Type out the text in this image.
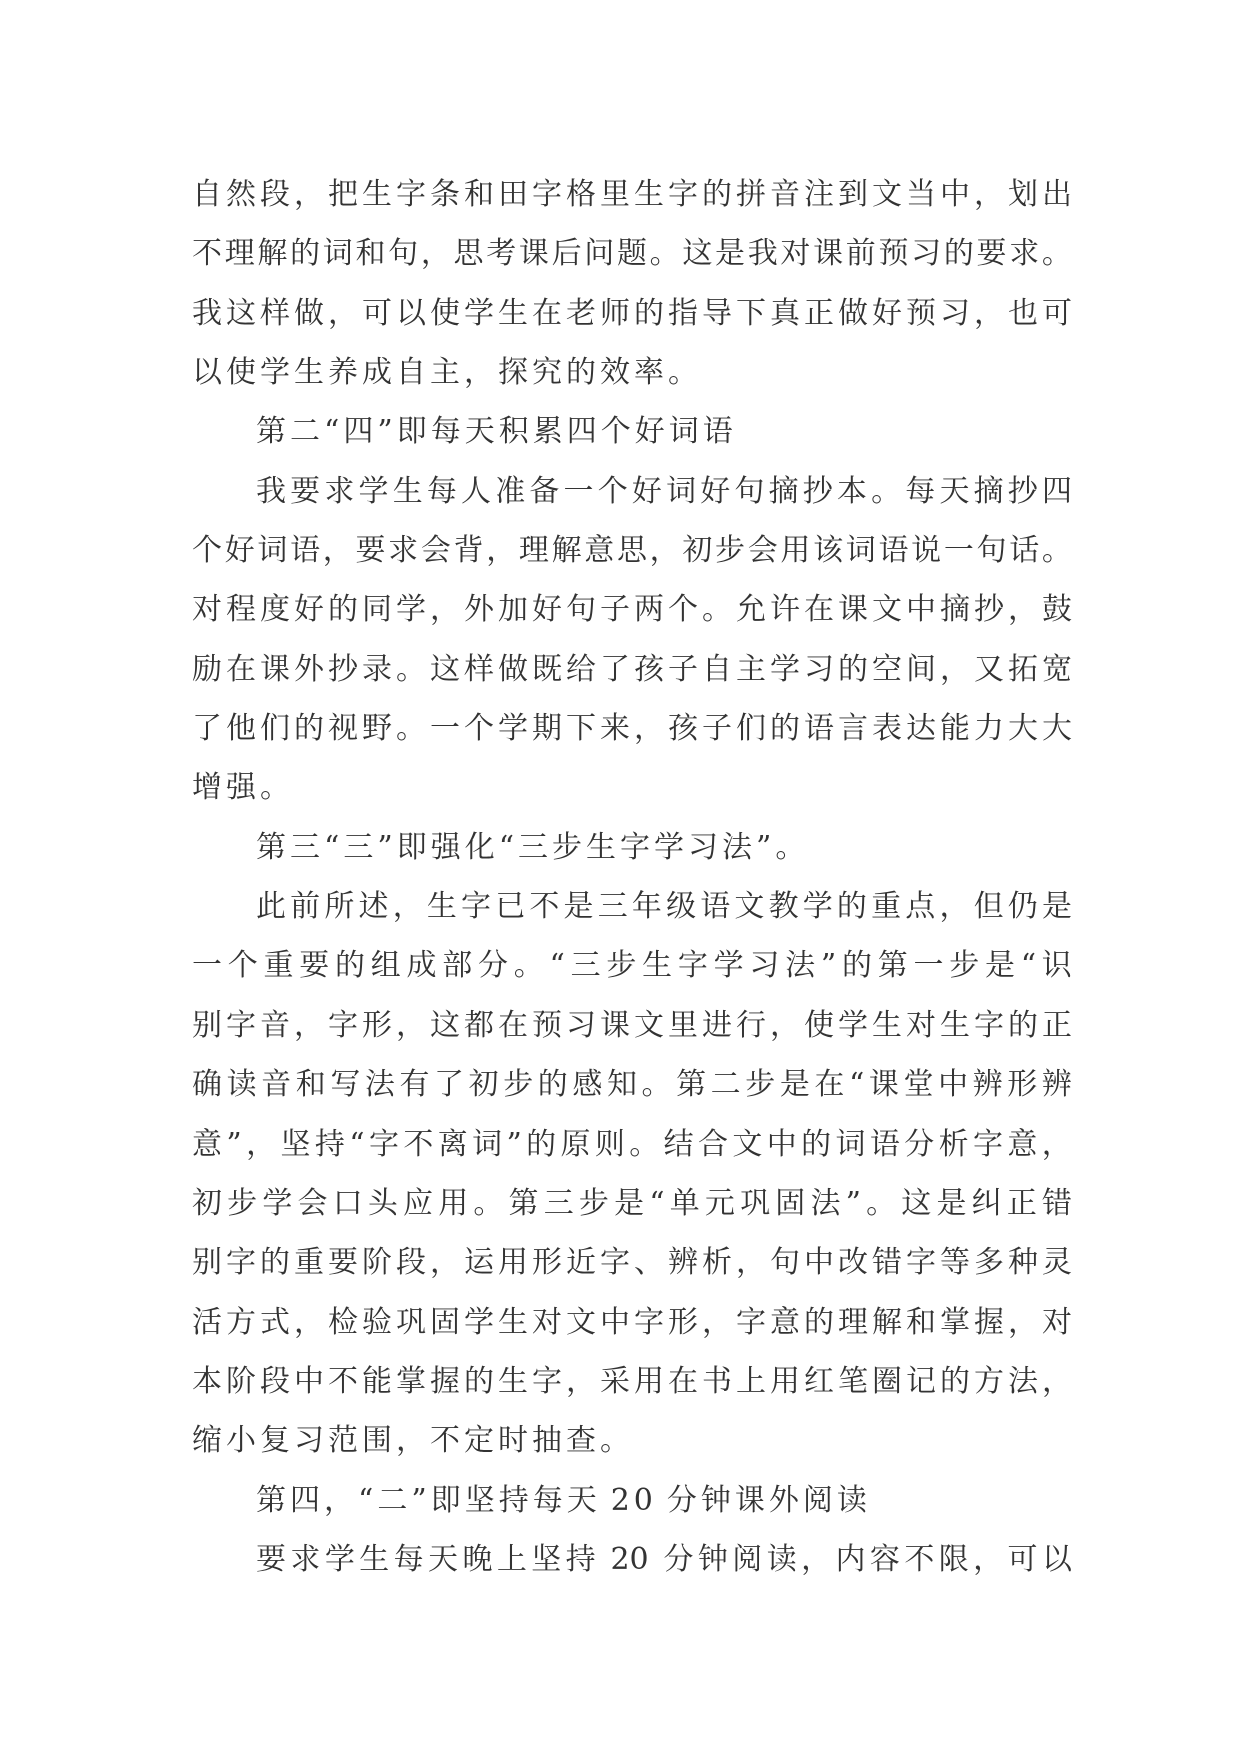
自 然 段 ， 把 生 字 条 和 田 字 格 里 生 字 的 拼 音 注 到 文 当 中 ， 划 出
不 理 解 的 词 和 句 ， 思 考 课 后 问 题 。 这 是 我 对 课 前 预 习 的 要 求 。
我 这 样 做 ， 可 以 使 学 生 在 老 师 的 指 导 下 真 正 做 好 预 习 ， 也 可
以 使 学 生 养 成 自 主 ， 探 究 的 效 率 。
第 二 “ 四 ” 即 每 天 积 累 四 个 好 词 语
我 要 求 学 生 每 人 准 备 一 个 好 词 好 句 摘 抄 本 。 每 天 摘 抄 四
个 好 词 语 ， 要 求 会 背 ， 理 解 意 思 ， 初 步 会 用 该 词 语 说 一 句 话 。
对 程 度 好 的 同 学 ， 外 加 好 句 子 两 个 。 允 许 在 课 文 中 摘 抄 ， 鼓
励 在 课 外 抄 录 。 这 样 做 既 给 了 孩 子 自 主 学 习 的 空 间 ， 又 拓 宽
了 他 们 的 视 野 。 一 个 学 期 下 来 ， 孩 子 们 的 语 言 表 达 能 力 大 大
增 强 。
第 三 “ 三 ” 即 强 化 “ 三 步 生 字 学 习 法 ” 。
此 前 所 述 ， 生 字 已 不 是 三 年 级 语 文 教 学 的 重 点 ， 但 仍 是
一 个 重 要 的 组 成 部 分 。 “ 三 步 生 字 学 习 法 ” 的 第 一 步 是 “ 识
别 字 音 ， 字 形 ， 这 都 在 预 习 课 文 里 进 行 ， 使 学 生 对 生 字 的 正
确 读 音 和 写 法 有 了 初 步 的 感 知 。 第 二 步 是 在 “ 课 堂 中 辨 形 辨
意 ” ， 坚 持 “ 字 不 离 词 ” 的 原 则 。 结 合 文 中 的 词 语 分 析 字 意 ，
初 步 学 会 口 头 应 用 。 第 三 步 是 “ 单 元 巩 固 法 ” 。 这 是 纠 正 错
别 字 的 重 要 阶 段 ， 运 用 形 近 字 、 辨 析 ， 句 中 改 错 字 等 多 种 灵
活 方 式 ， 检 验 巩 固 学 生 对 文 中 字 形 ， 字 意 的 理 解 和 掌 握 ， 对
本 阶 段 中 不 能 掌 握 的 生 字 ， 采 用 在 书 上 用 红 笔 圈 记 的 方 法 ，
缩 小 复 习 范 围 ， 不 定 时 抽 查 。
第 四 ， “ 二 ” 即 坚 持 每 天
  20
  分 钟 课 外 阅 读
要 求 学 生 每 天 晚 上 坚 持
  20
  分 钟 阅 读 ， 内 容 不 限 ， 可 以
